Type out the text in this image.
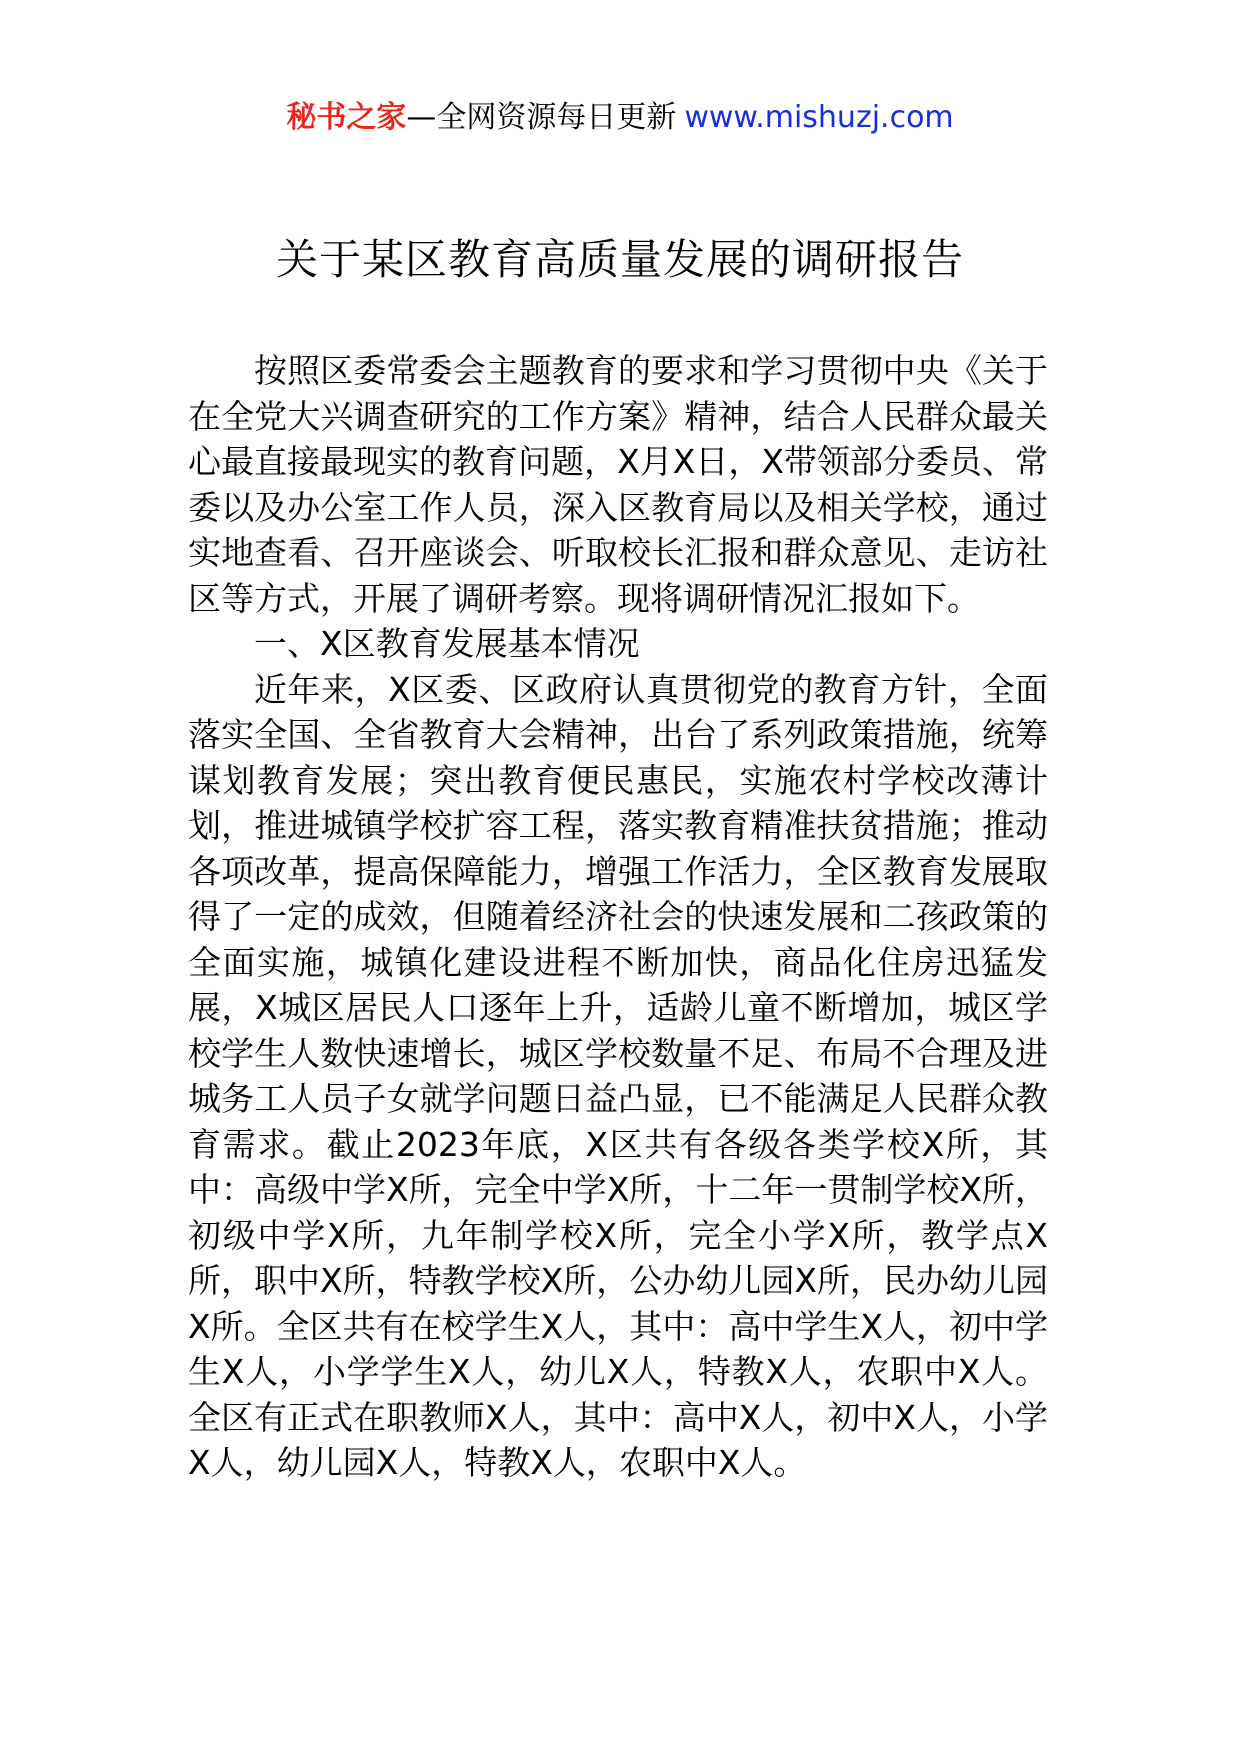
秘书之家—全网资源每日更新 www.mishuzj.com
关于某区教育高质量发展的调研报告

按照区委常委会主题教育的要求和学习贯彻中央《关于在全党大兴调查研究的工作方案》精神，结合人民群众最关心最直接最现实的教育问题，X月X日，X带领部分委员、常委以及办公室工作人员，深入区教育局以及相关学校，通过实地查看、召开座谈会、听取校长汇报和群众意见、走访社区等方式，开展了调研考察。现将调研情况汇报如下。

一、X区教育发展基本情况

近年来，X区委、区政府认真贯彻党的教育方针，全面落实全国、全省教育大会精神，出台了系列政策措施，统筹谋划教育发展；突出教育便民惠民，实施农村学校改薄计划，推进城镇学校扩容工程，落实教育精准扶贫措施；推动各项改革，提高保障能力，增强工作活力，全区教育发展取得了一定的成效，但随着经济社会的快速发展和二孩政策的全面实施，城镇化建设进程不断加快，商品化住房迅猛发展，X城区居民人口逐年上升，适龄儿童不断增加，城区学校学生人数快速增长，城区学校数量不足、布局不合理及进城务工人员子女就学问题日益凸显，已不能满足人民群众教育需求。截止2023年底，X区共有各级各类学校X所，其中：高级中学X所，完全中学X所，十二年一贯制学校X所，初级中学X所，九年制学校X所，完全小学X所，教学点X所，职中X所，特教学校X所，公办幼儿园X所，民办幼儿园X所。全区共有在校学生X人，其中：高中学生X人，初中学生X人，小学学生X人，幼儿X人，特教X人，农职中X人。全区有正式在职教师X人，其中：高中X人，初中X人，小学X人，幼儿园X人，特教X人，农职中X人。
